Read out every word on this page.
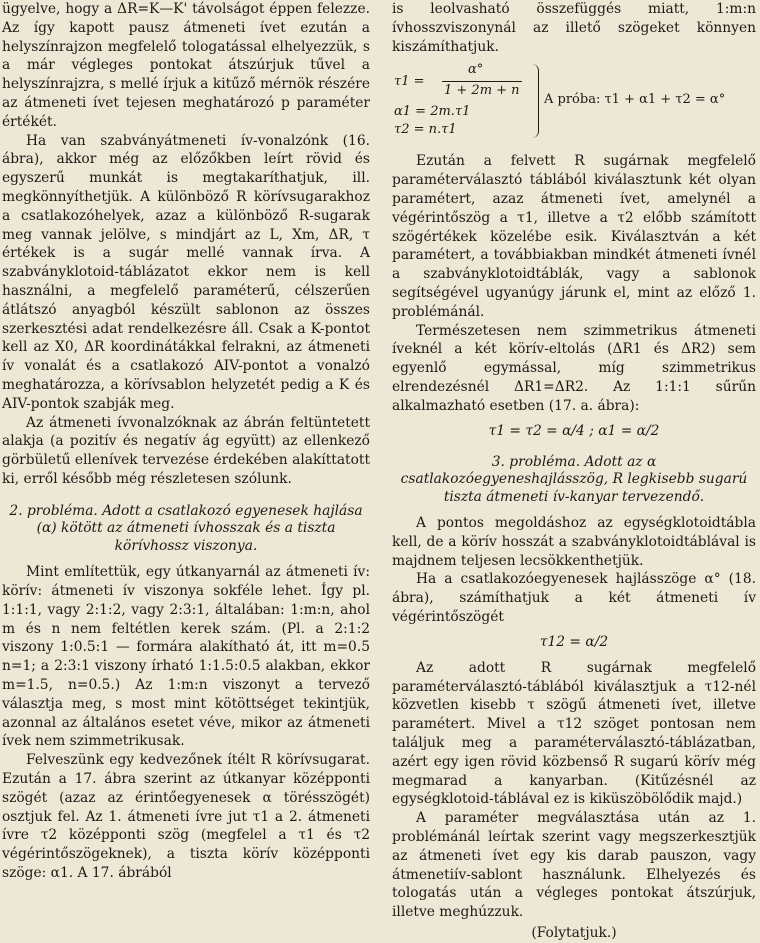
ügyelve, hogy a ΔR=K—K' távolságot éppen felezze. Az így kapott pausz átmeneti ívet ezután a helyszínrajzon megfelelő tologatással elhelyezzük, s a már végleges pontokat átszúrjuk tűvel a helyszínrajzra, s mellé írjuk a kitűző mérnök részére az átmeneti ívet tejesen meghatározó p paraméter értékét.

Ha van szabványátmeneti ív-vonalzónk (16. ábra), akkor még az előzőkben leírt rövid és egyszerű munkát is megtakaríthatjuk, ill. megkönnyíthetjük. A különböző R körívsugarakhoz a csatlakozóhelyek, azaz a különböző R-sugarak meg vannak jelölve, s mindjárt az L, Xm, ΔR, τ értékek is a sugár mellé vannak írva. A szabványklotoid-táblázatot ekkor nem is kell használni, a megfelelő paraméterű, célszerűen átlátszó anyagból készült sablonon az összes szerkesztési adat rendelkezésre áll. Csak a K-pontot kell az X0, ΔR koordinátákkal felrakni, az átmeneti ív vonalát és a csatlakozó AIV-pontot a vonalzó meghatározza, a körívsablon helyzetét pedig a K és AIV-pontok szabják meg.

Az átmeneti ívvonalzóknak az ábrán feltüntetett alakja (a pozitív és negatív ág együtt) az ellenkező görbületű ellenívek tervezése érdekében alakíttatott ki, erről később még részletesen szólunk.

2. probléma. Adott a csatlakozó egyenesek hajlása (α) kötött az átmeneti ívhosszak és a tiszta körívhossz viszonya.

Mint említettük, egy útkanyarnál az átmeneti ív: körív: átmeneti ív viszonya sokféle lehet. Így pl. 1:1:1, vagy 2:1:2, vagy 2:3:1, általában: 1:m:n, ahol m és n nem feltétlen kerek szám. (Pl. a 2:1:2 viszony 1:0.5:1 — formára alakítható át, itt m=0.5 n=1; a 2:3:1 viszony írható 1:1.5:0.5 alakban, ekkor m=1.5, n=0.5.) Az 1:m:n viszonyt a tervező választja meg, s most mint kötöttséget tekintjük, azonnal az általános esetet véve, mikor az átmeneti ívek nem szimmetrikusak.

Felveszünk egy kedvezőnek ítélt R körívsugarat. Ezután a 17. ábra szerint az útkanyar középponti szögét (azaz az érintőegyenesek α törésszögét) osztjuk fel. Az 1. átmeneti ívre jut τ1 a 2. átmeneti ívre τ2 középponti szög (megfelel a τ1 és τ2 végérintőszögeknek), a tiszta körív középponti szöge: α1. A 17. ábrából

is leolvasható összefüggés miatt, 1:m:n ívhosszviszonynál az illető szögeket könnyen kiszámíthatjuk.

τ1 =
α°
1 + 2m + n
α1 = 2m.τ1
τ2 = n.τ1
A próba: τ1 + α1 + τ2 = α°

Ezután a felvett R sugárnak megfelelő paraméterválasztó táblából kiválasztunk két olyan paramétert, azaz átmeneti ívet, amelynél a végérintőszög a τ1, illetve a τ2 előbb számított szögértékek közelébe esik. Kiválasztván a két paramétert, a továbbiakban mindkét átmeneti ívnél a szabványklotoidtáblák, vagy a sablonok segítségével ugyanúgy járunk el, mint az előző 1. problémánál.

Természetesen nem szimmetrikus átmeneti íveknél a két körív-eltolás (ΔR1 és ΔR2) sem egyenlő egymással, míg szimmetrikus elrendezésnél ΔR1=ΔR2. Az 1:1:1 sűrűn alkalmazható esetben (17. a. ábra):

τ1 = τ2 = α/4 ; α1 = α/2

3. probléma. Adott az α csatlakozóegyeneshajlásszög, R legkisebb sugarú tiszta átmeneti ív-kanyar tervezendő.

A pontos megoldáshoz az egységklotoidtábla kell, de a körív hosszát a szabványklotoidtáblával is majdnem teljesen lecsökkenthetjük.

Ha a csatlakozóegyenesek hajlásszöge α° (18. ábra), számíthatjuk a két átmeneti ív végérintőszögét

τ12 = α/2

Az adott R sugárnak megfelelő paraméterválasztó-táblából kiválasztjuk a τ12-nél közvetlen kisebb τ szögű átmeneti ívet, illetve paramétert. Mivel a τ12 szöget pontosan nem találjuk meg a paraméterválasztó-táblázatban, azért egy igen rövid közbenső R sugarú körív még megmarad a kanyarban. (Kitűzésnél az egységklotoid-táblával ez is kiküszöbölődik majd.)

A paraméter megválasztása után az 1. problémánál leírtak szerint vagy megszerkesztjük az átmeneti ívet egy kis darab pauszon, vagy átmenetiív-sablont használunk. Elhelyezés és tologatás után a végleges pontokat átszúrjuk, illetve meghúzzuk.

(Folytatjuk.)
